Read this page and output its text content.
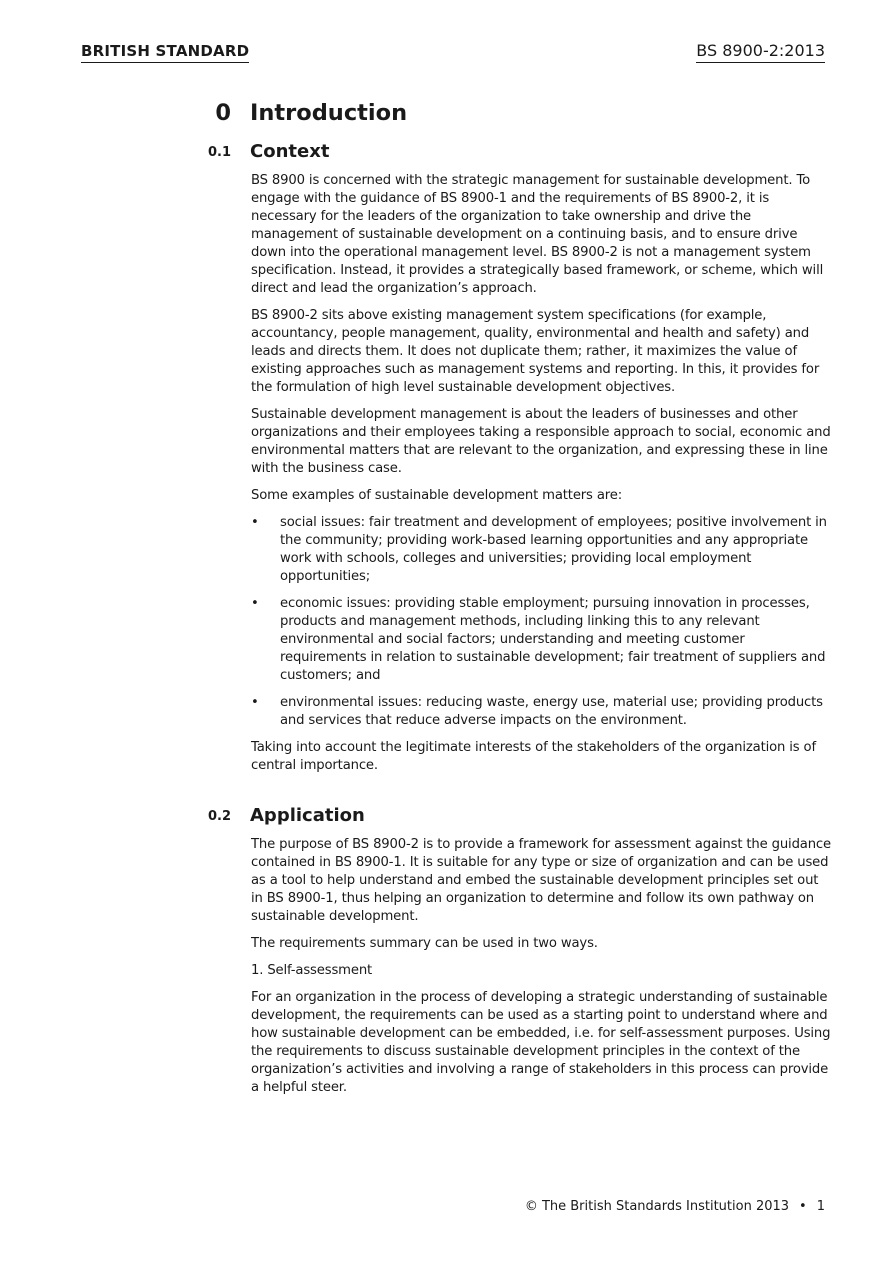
BRITISH STANDARD	BS 8900-2:2013
0 Introduction
0.1 Context

BS 8900 is concerned with the strategic management for sustainable development. To engage with the guidance of BS 8900-1 and the requirements of BS 8900-2, it is necessary for the leaders of the organization to take ownership and drive the management of sustainable development on a continuing basis, and to ensure drive down into the operational management level. BS 8900-2 is not a management system specification. Instead, it provides a strategically based framework, or scheme, which will direct and lead the organization’s approach.

BS 8900-2 sits above existing management system specifications (for example, accountancy, people management, quality, environmental and health and safety) and leads and directs them. It does not duplicate them; rather, it maximizes the value of existing approaches such as management systems and reporting. In this, it provides for the formulation of high level sustainable development objectives.

Sustainable development management is about the leaders of businesses and other organizations and their employees taking a responsible approach to social, economic and environmental matters that are relevant to the organization, and expressing these in line with the business case.

Some examples of sustainable development matters are:

• social issues: fair treatment and development of employees; positive involvement in the community; providing work-based learning opportunities and any appropriate work with schools, colleges and universities; providing local employment opportunities;
• economic issues: providing stable employment; pursuing innovation in processes, products and management methods, including linking this to any relevant environmental and social factors; understanding and meeting customer requirements in relation to sustainable development; fair treatment of suppliers and customers; and
• environmental issues: reducing waste, energy use, material use; providing products and services that reduce adverse impacts on the environment.

Taking into account the legitimate interests of the stakeholders of the organization is of central importance.

0.2 Application

The purpose of BS 8900-2 is to provide a framework for assessment against the guidance contained in BS 8900-1. It is suitable for any type or size of organization and can be used as a tool to help understand and embed the sustainable development principles set out in BS 8900-1, thus helping an organization to determine and follow its own pathway on sustainable development.

The requirements summary can be used in two ways.

1. Self-assessment

For an organization in the process of developing a strategic understanding of sustainable development, the requirements can be used as a starting point to understand where and how sustainable development can be embedded, i.e. for self-assessment purposes. Using the requirements to discuss sustainable development principles in the context of the organization’s activities and involving a range of stakeholders in this process can provide a helpful steer.

© The British Standards Institution 2013 • 1
